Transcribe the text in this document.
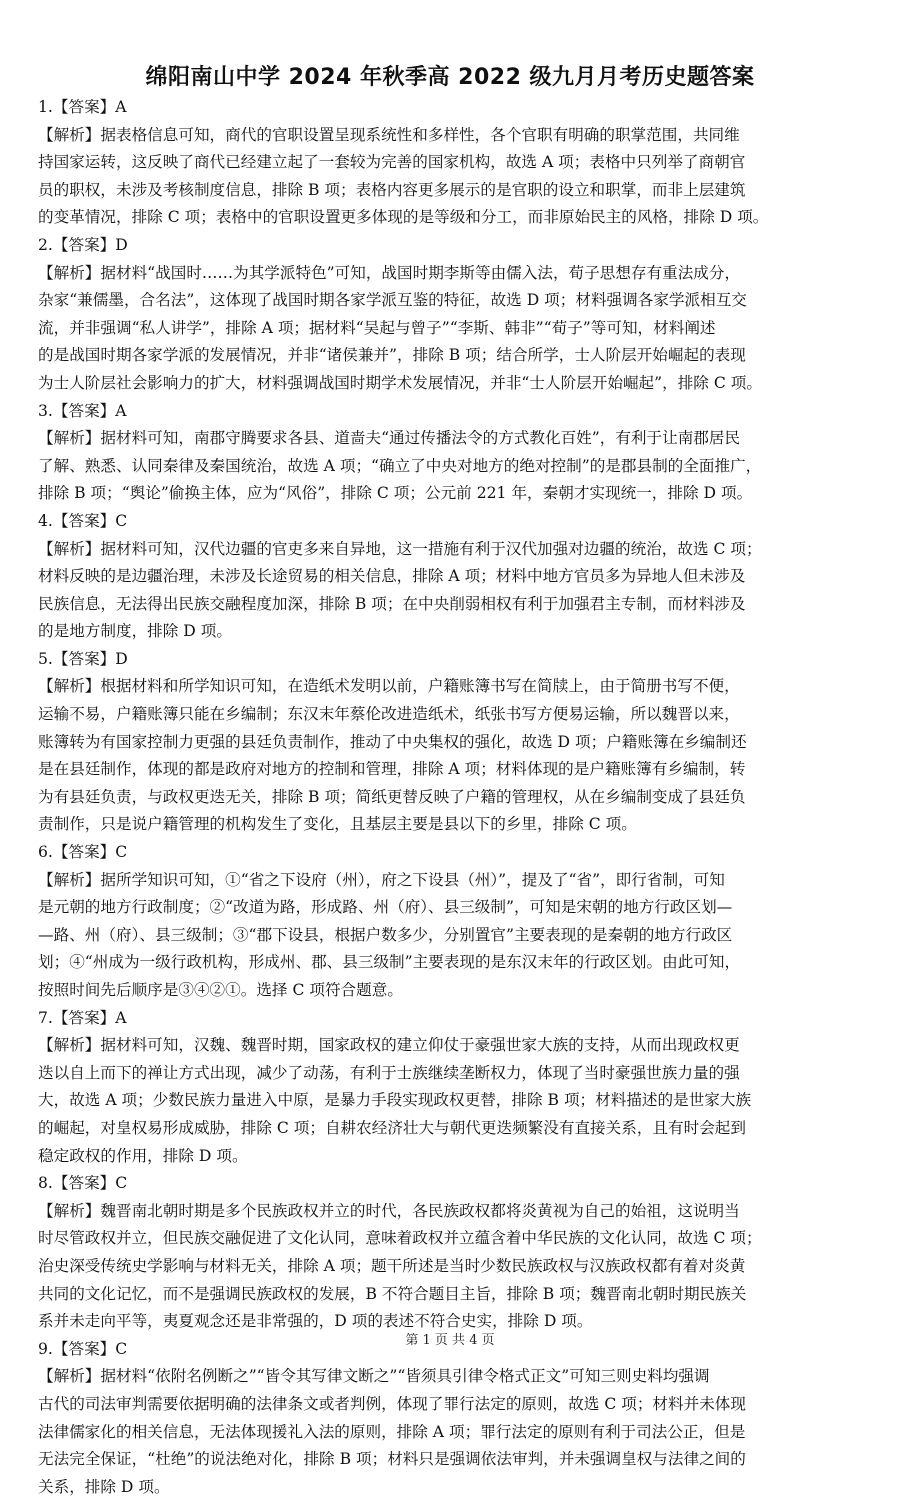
绵阳南山中学 2024 年秋季高 2022 级九月月考历史题答案
1.【答案】A
【解析】据表格信息可知，商代的官职设置呈现系统性和多样性，各个官职有明确的职掌范围，共同维
持国家运转，这反映了商代已经建立起了一套较为完善的国家机构，故选 A 项；表格中只列举了商朝官
员的职权，未涉及考核制度信息，排除 B 项；表格内容更多展示的是官职的设立和职掌，而非上层建筑
的变革情况，排除 C 项；表格中的官职设置更多体现的是等级和分工，而非原始民主的风格，排除 D 项。
2.【答案】D
【解析】据材料“战国时……为其学派特色”可知，战国时期李斯等由儒入法，荀子思想存有重法成分，
杂家“兼儒墨，合名法”，这体现了战国时期各家学派互鉴的特征，故选 D 项；材料强调各家学派相互交
流，并非强调“私人讲学”，排除 A 项；据材料“吴起与曾子”“李斯、韩非”“荀子”等可知，材料阐述
的是战国时期各家学派的发展情况，并非“诸侯兼并”，排除 B 项；结合所学，士人阶层开始崛起的表现
为士人阶层社会影响力的扩大，材料强调战国时期学术发展情况，并非“士人阶层开始崛起”，排除 C 项。
3.【答案】A
【解析】据材料可知，南郡守腾要求各县、道啬夫“通过传播法令的方式教化百姓”，有利于让南郡居民
了解、熟悉、认同秦律及秦国统治，故选 A 项；“确立了中央对地方的绝对控制”的是郡县制的全面推广，
排除 B 项；“舆论”偷换主体，应为“风俗”，排除 C 项；公元前 221 年，秦朝才实现统一，排除 D 项。
4.【答案】C
【解析】据材料可知，汉代边疆的官吏多来自异地，这一措施有利于汉代加强对边疆的统治，故选 C 项；
材料反映的是边疆治理，未涉及长途贸易的相关信息，排除 A 项；材料中地方官员多为异地人但未涉及
民族信息，无法得出民族交融程度加深，排除 B 项；在中央削弱相权有利于加强君主专制，而材料涉及
的是地方制度，排除 D 项。
5.【答案】D
【解析】根据材料和所学知识可知，在造纸术发明以前，户籍账簿书写在简牍上，由于简册书写不便，
运输不易，户籍账簿只能在乡编制；东汉末年蔡伦改进造纸术，纸张书写方便易运输，所以魏晋以来，
账簿转为有国家控制力更强的县廷负责制作，推动了中央集权的强化，故选 D 项；户籍账簿在乡编制还
是在县廷制作，体现的都是政府对地方的控制和管理，排除 A 项；材料体现的是户籍账簿有乡编制，转
为有县廷负责，与政权更迭无关，排除 B 项；简纸更替反映了户籍的管理权，从在乡编制变成了县廷负
责制作，只是说户籍管理的机构发生了变化，且基层主要是县以下的乡里，排除 C 项。
6.【答案】C
【解析】据所学知识可知，①“省之下设府（州），府之下设县（州）”，提及了“省”，即行省制，可知
是元朝的地方行政制度；②“改道为路，形成路、州（府）、县三级制”，可知是宋朝的地方行政区划—
—路、州（府）、县三级制；③“郡下设县，根据户数多少，分别置官”主要表现的是秦朝的地方行政区
划；④“州成为一级行政机构，形成州、郡、县三级制”主要表现的是东汉末年的行政区划。由此可知，
按照时间先后顺序是③④②①。选择 C 项符合题意。
7.【答案】A
【解析】据材料可知，汉魏、魏晋时期，国家政权的建立仰仗于豪强世家大族的支持，从而出现政权更
迭以自上而下的禅让方式出现，减少了动荡，有利于士族继续垄断权力，体现了当时豪强世族力量的强
大，故选 A 项；少数民族力量进入中原，是暴力手段实现政权更替，排除 B 项；材料描述的是世家大族
的崛起，对皇权易形成威胁，排除 C 项；自耕农经济壮大与朝代更迭频繁没有直接关系，且有时会起到
稳定政权的作用，排除 D 项。
8.【答案】C
【解析】魏晋南北朝时期是多个民族政权并立的时代，各民族政权都将炎黄视为自己的始祖，这说明当
时尽管政权并立，但民族交融促进了文化认同，意味着政权并立蕴含着中华民族的文化认同，故选 C 项；
治史深受传统史学影响与材料无关，排除 A 项；题干所述是当时少数民族政权与汉族政权都有着对炎黄
共同的文化记忆，而不是强调民族政权的发展，B 不符合题目主旨，排除 B 项；魏晋南北朝时期民族关
系并未走向平等，夷夏观念还是非常强的，D 项的表述不符合史实，排除 D 项。
9.【答案】C
【解析】据材料“依附名例断之”“皆令其写律文断之”“皆须具引律令格式正文”可知三则史料均强调
古代的司法审判需要依据明确的法律条文或者判例，体现了罪行法定的原则，故选 C 项；材料并未体现
法律儒家化的相关信息，无法体现援礼入法的原则，排除 A 项；罪行法定的原则有利于司法公正，但是
无法完全保证，“杜绝”的说法绝对化，排除 B 项；材料只是强调依法审判，并未强调皇权与法律之间的
关系，排除 D 项。
第 1 页 共 4 页
